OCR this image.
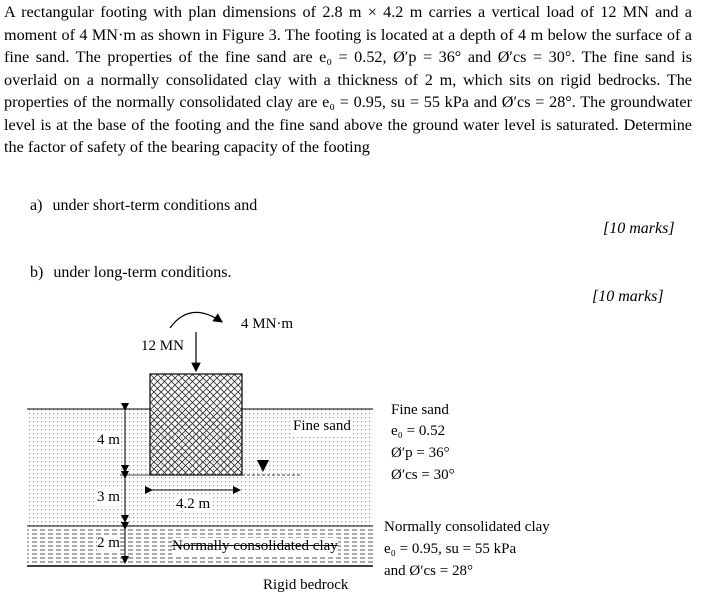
A rectangular footing with plan dimensions of 2.8 m × 4.2 m carries a vertical load of 12 MN and a moment of 4 MN·m as shown in Figure 3. The footing is located at a depth of 4 m below the surface of a fine sand. The properties of the fine sand are e₀ = 0.52, Ø′p = 36° and Ø′cs = 30°. The fine sand is overlaid on a normally consolidated clay with a thickness of 2 m, which sits on rigid bedrocks. The properties of the normally consolidated clay are e₀ = 0.95, su = 55 kPa and Ø′cs = 28°. The groundwater level is at the base of the footing and the fine sand above the ground water level is saturated. Determine the factor of safety of the bearing capacity of the footing

a) under short-term conditions and
[10 marks]
b) under long-term conditions.
[10 marks]
4 MN·m
12 MN
Fine sand
4 m
3 m
2 m
4.2 m
Normally consolidated clay
Rigid bedrock
Fine sand
e₀ = 0.52
Ø′p = 36°
Ø′cs = 30°
Normally consolidated clay
e₀ = 0.95, su = 55 kPa
and Ø′cs = 28°
